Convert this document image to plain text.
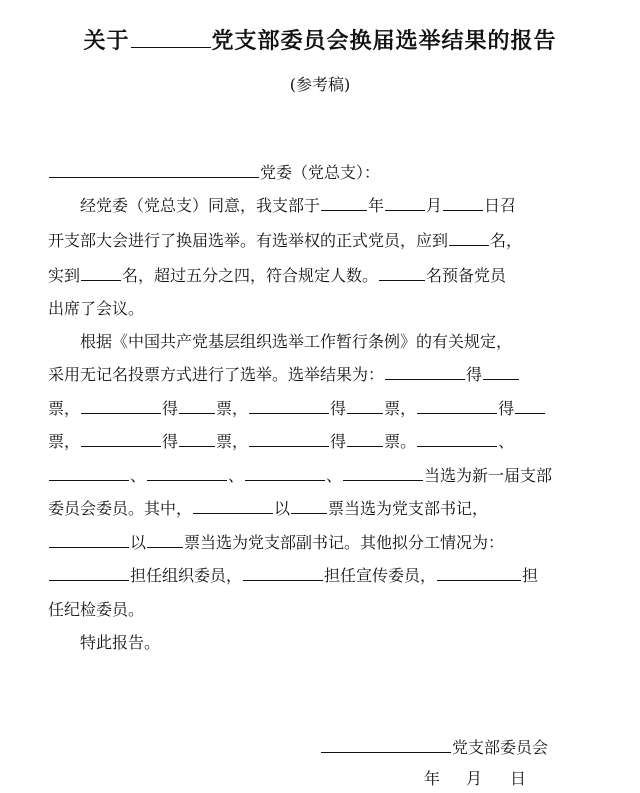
关于	党支部委员会换届选举结果的报告
(参考稿)
党委（党总支）：
经党委（党总支）同意，我支部于	年	月	日召
开支部大会进行了换届选举。有选举权的正式党员，应到	名，
实到	名，超过五分之四，符合规定人数。	名预备党员
出席了会议。
根据《中国共产党基层组织选举工作暂行条例》的有关规定，
采用无记名投票方式进行了选举。选举结果为：	得
票，	得 票，	得 票，	得
票，	得 票，	得 票。	、
、	、	、	当选为新一届支部
委员会委员。其中，	以 票当选为党支部书记，
以 票当选为党支部副书记。其他拟分工情况为：
担任组织委员，	担任宣传委员，	担
任纪检委员。
特此报告。
党支部委员会
年 月 日
